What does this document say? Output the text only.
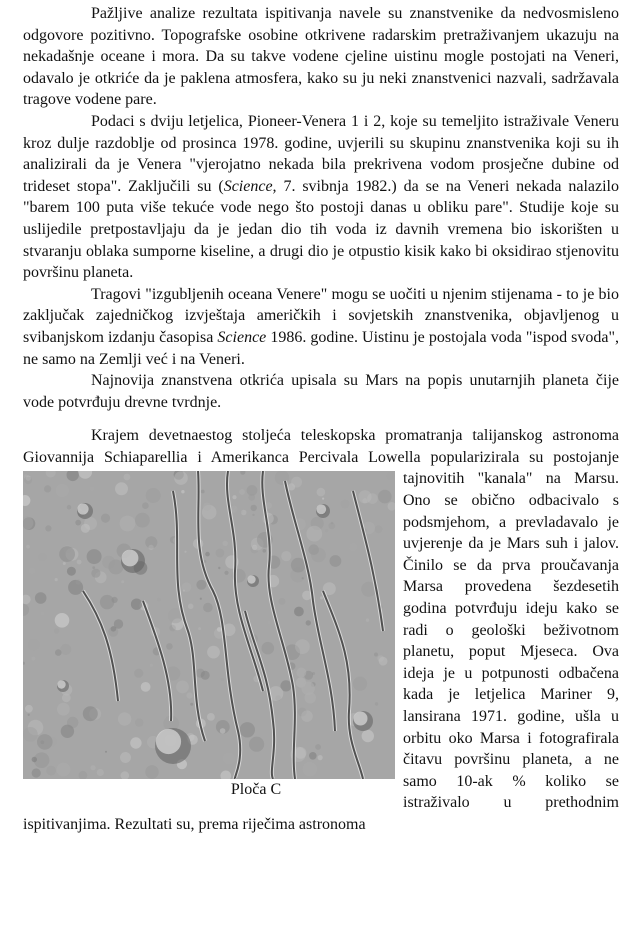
Pažljive analize rezultata ispitivanja navele su znanstvenike da nedvosmisleno odgovore pozitivno. Topografske osobine otkrivene radarskim pretraživanjem ukazuju na nekadašnje oceane i mora. Da su takve vodene cjeline uistinu mogle postojati na Veneri, odavalo je otkriće da je paklena atmosfera, kako su ju neki znanstvenici nazvali, sadržavala tragove vodene pare.

Podaci s dviju letjelica, Pioneer-Venera 1 i 2, koje su temeljito istraživale Veneru kroz dulje razdoblje od prosinca 1978. godine, uvjerili su skupinu znanstvenika koji su ih analizirali da je Venera "vjerojatno nekada bila prekrivena vodom prosječne dubine od trideset stopa". Zaključili su (Science, 7. svibnja 1982.) da se na Veneri nekada nalazilo "barem 100 puta više tekuće vode nego što postoji danas u obliku pare". Studije koje su uslijedile pretpostavljaju da je jedan dio tih voda iz davnih vremena bio iskorišten u stvaranju oblaka sumporne kiseline, a drugi dio je otpustio kisik kako bi oksidirao stjenovitu površinu planeta.

Tragovi "izgubljenih oceana Venere" mogu se uočiti u njenim stijenama - to je bio zaključak zajedničkog izvještaja američkih i sovjetskih znanstvenika, objavljenog u svibanjskom izdanju časopisa Science 1986. godine. Uistinu je postojala voda "ispod svoda", ne samo na Zemlji već i na Veneri.

Najnovija znanstvena otkrića upisala su Mars na popis unutarnjih planeta čije vode potvrđuju drevne tvrdnje.

Krajem devetnaestog stoljeća teleskopska promatranja talijanskog astronoma Giovannija Schiaparellia i Amerikanca Percivala Lowella
Ploča C
popularizirala su postojanje tajnovitih "kanala" na Marsu. Ono se obično odbacivalo s podsmjehom, a prevladavalo je uvjerenje da je Mars suh i jalov. Činilo se da prva proučavanja Marsa provedena šezdesetih godina potvrđuju ideju kako se radi o geološki beživotnom planetu, poput Mjeseca. Ova ideja je u potpunosti odbačena kada je letjelica Mariner 9, lansirana 1971. godine, ušla u orbitu oko Marsa i fotografirala čitavu površinu planeta, a ne samo 10-ak % koliko se istraživalo u prethodnim ispitivanjima. Rezultati su, prema riječima astronoma
